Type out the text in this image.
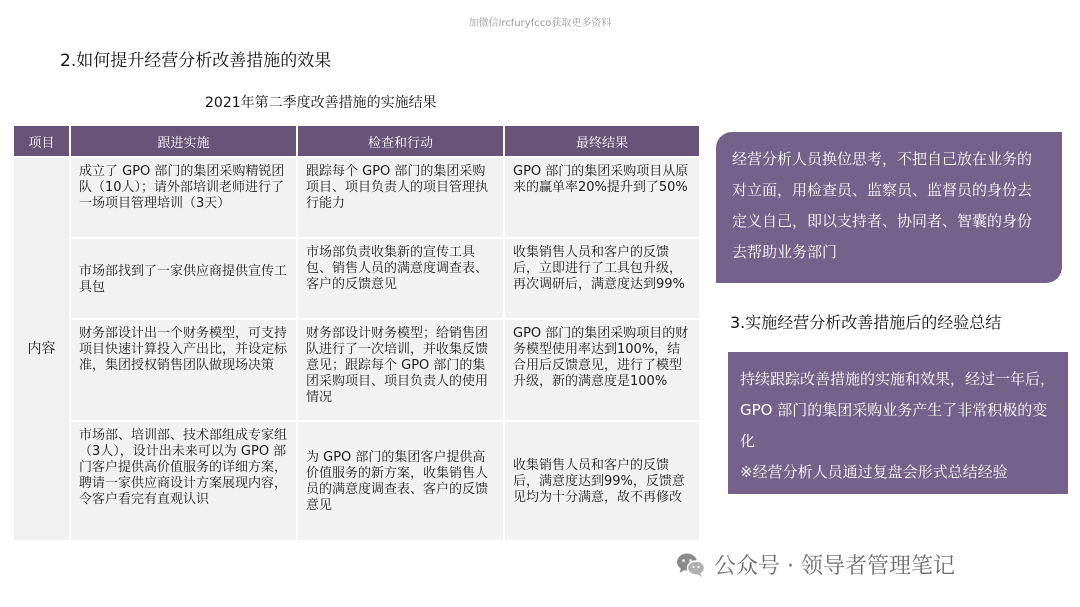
加微信lrcfuryfcco获取更多资料
2.如何提升经营分析改善措施的效果
2021年第二季度改善措施的实施结果
项目	跟进实施	检查和行动	最终结果
内容	成立了 GPO 部门的集团采购精锐团队（10人）；请外部培训老师进行了一场项目管理培训（3天）	跟踪每个 GPO 部门的集团采购项目、项目负责人的项目管理执行能力	GPO 部门的集团采购项目从原来的赢单率20%提升到了50%
	市场部找到了一家供应商提供宣传工具包	市场部负责收集新的宣传工具包、销售人员的满意度调查表、客户的反馈意见	收集销售人员和客户的反馈后，立即进行了工具包升级，再次调研后，满意度达到99%
	财务部设计出一个财务模型，可支持项目快速计算投入产出比，并设定标准，集团授权销售团队做现场决策	财务部设计财务模型；给销售团队进行了一次培训，并收集反馈意见；跟踪每个 GPO 部门的集团采购项目、项目负责人的使用情况	GPO 部门的集团采购项目的财务模型使用率达到100%，结合用后反馈意见，进行了模型升级，新的满意度是100%
	市场部、培训部、技术部组成专家组（3人），设计出未来可以为 GPO 部门客户提供高价值服务的详细方案，聘请一家供应商设计方案展现内容，令客户看完有直观认识	为 GPO 部门的集团客户提供高价值服务的新方案，收集销售人员的满意度调查表、客户的反馈意见	收集销售人员和客户的反馈后，满意度达到99%，反馈意见均为十分满意，故不再修改
经营分析人员换位思考，不把自己放在业务的对立面，用检查员、监察员、监督员的身份去定义自己，即以支持者、协同者、智囊的身份去帮助业务部门
3.实施经营分析改善措施后的经验总结
持续跟踪改善措施的实施和效果，经过一年后，GPO 部门的集团采购业务产生了非常积极的变化
※经营分析人员通过复盘会形式总结经验
公众号 · 领导者管理笔记
